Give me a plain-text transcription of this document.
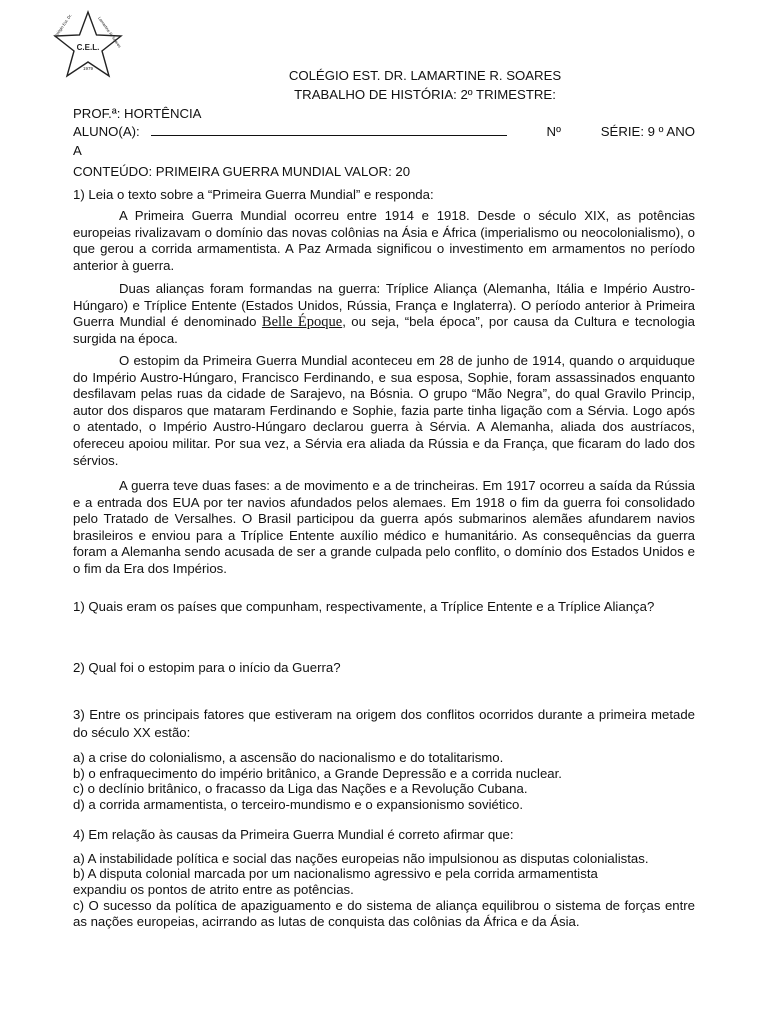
C.E.L.
1979
Colégio Est. Dr.	Lamartine R. Soares
COLÉGIO EST. DR. LAMARTINE R. SOARES
TRABALHO DE HISTÓRIA: 2º TRIMESTRE:
PROF.ª: HORTÊNCIA
ALUNO(A):	Nº	SÉRIE: 9 º ANO
A
CONTEÚDO: PRIMEIRA GUERRA MUNDIAL VALOR: 20
1) Leia o texto sobre a “Primeira Guerra Mundial” e responda:
A Primeira Guerra Mundial ocorreu entre 1914 e 1918. Desde o século XIX, as potências europeias rivalizavam o domínio das novas colônias na Ásia e África (imperialismo ou neocolonialismo), o que gerou a corrida armamentista. A Paz Armada significou o investimento em armamentos no período anterior à guerra.
Duas alianças foram formandas na guerra: Tríplice Aliança (Alemanha, Itália e Império Austro-Húngaro) e Tríplice Entente (Estados Unidos, Rússia, França e Inglaterra). O período anterior à Primeira Guerra Mundial é denominado Belle Époque, ou seja, “bela época”, por causa da Cultura e tecnologia surgida na época.
O estopim da Primeira Guerra Mundial aconteceu em 28 de junho de 1914, quando o arquiduque do Império Austro-Húngaro, Francisco Ferdinando, e sua esposa, Sophie, foram assassinados enquanto desfilavam pelas ruas da cidade de Sarajevo, na Bósnia. O grupo “Mão Negra”, do qual Gravilo Princip, autor dos disparos que mataram Ferdinando e Sophie, fazia parte tinha ligação com a Sérvia. Logo após o atentado, o Império Austro-Húngaro declarou guerra à Sérvia. A Alemanha, aliada dos austríacos, ofereceu apoiou militar. Por sua vez, a Sérvia era aliada da Rússia e da França, que ficaram do lado dos sérvios.
A guerra teve duas fases: a de movimento e a de trincheiras. Em 1917 ocorreu a saída da Rússia e a entrada dos EUA por ter navios afundados pelos alemaes. Em 1918 o fim da guerra foi consolidado pelo Tratado de Versalhes. O Brasil participou da guerra após submarinos alemães afundarem navios brasileiros e enviou para a Tríplice Entente auxílio médico e humanitário. As consequências da guerra foram a Alemanha sendo acusada de ser a grande culpada pelo conflito, o domínio dos Estados Unidos e o fim da Era dos Impérios.
1) Quais eram os países que compunham, respectivamente, a Tríplice Entente e a Tríplice Aliança?
2) Qual foi o estopim para o início da Guerra?
3) Entre os principais fatores que estiveram na origem dos conflitos ocorridos durante a primeira metade do século XX estão:
a) a crise do colonialismo, a ascensão do nacionalismo e do totalitarismo.
b) o enfraquecimento do império britânico, a Grande Depressão e a corrida nuclear.
c) o declínio britânico, o fracasso da Liga das Nações e a Revolução Cubana.
d) a corrida armamentista, o terceiro-mundismo e o expansionismo soviético.
4) Em relação às causas da Primeira Guerra Mundial é correto afirmar que:
a) A instabilidade política e social das nações europeias não impulsionou as disputas colonialistas.
b) A disputa colonial marcada por um nacionalismo agressivo e pela corrida armamentista expandiu os pontos de atrito entre as potências.
c) O sucesso da política de apaziguamento e do sistema de aliança equilibrou o sistema de forças entre as nações europeias, acirrando as lutas de conquista das colônias da África e da Ásia.
